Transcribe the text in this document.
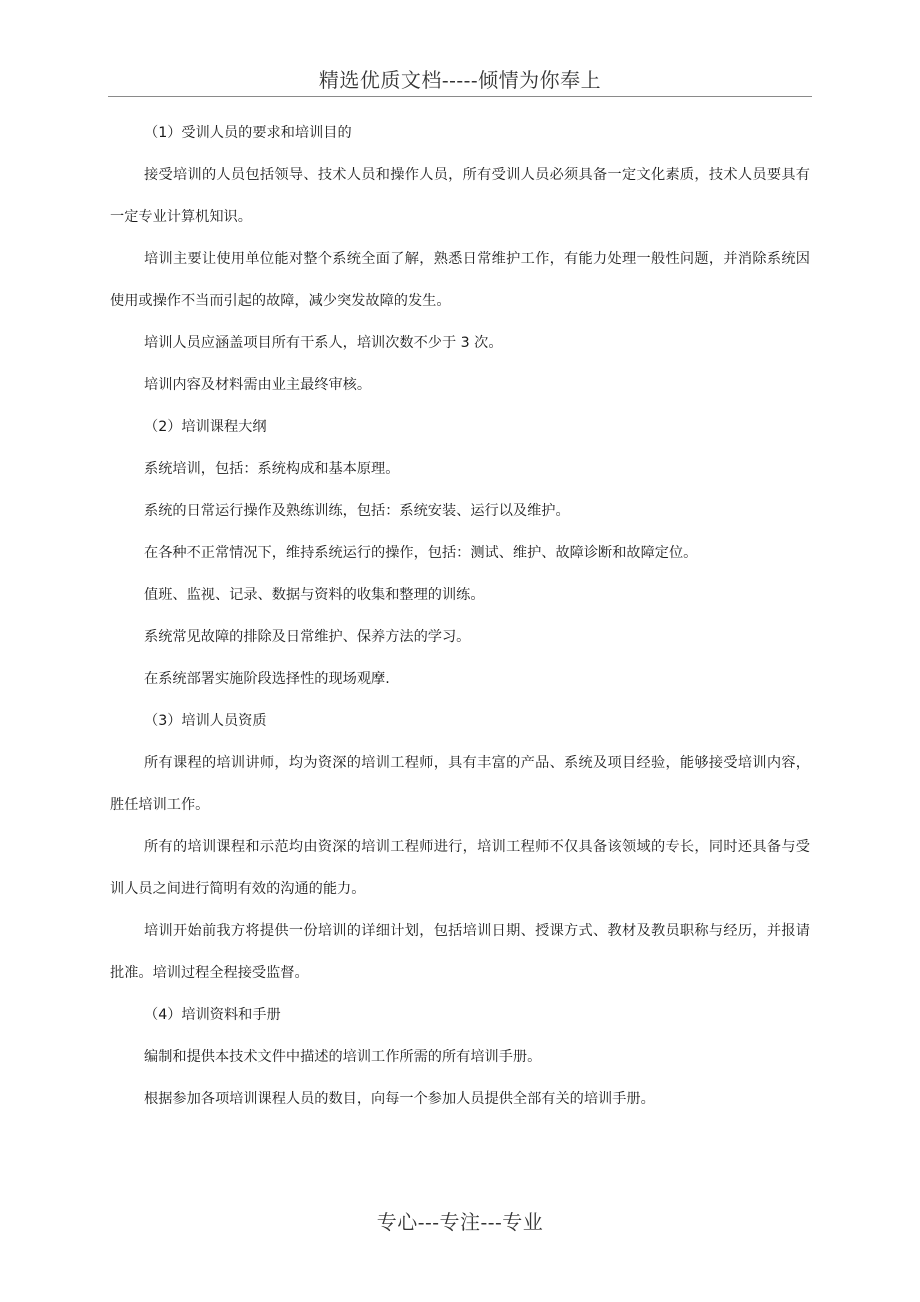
精选优质文档-----倾情为你奉上

（1）受训人员的要求和培训目的

接受培训的人员包括领导、技术人员和操作人员，所有受训人员必须具备一定文化素质，技术人员要具有一定专业计算机知识。

培训主要让使用单位能对整个系统全面了解，熟悉日常维护工作，有能力处理一般性问题，并消除系统因使用或操作不当而引起的故障，减少突发故障的发生。

培训人员应涵盖项目所有干系人，培训次数不少于 3 次。

培训内容及材料需由业主最终审核。

（2）培训课程大纲

系统培训，包括：系统构成和基本原理。

系统的日常运行操作及熟练训练，包括：系统安装、运行以及维护。

在各种不正常情况下，维持系统运行的操作，包括：测试、维护、故障诊断和故障定位。

值班、监视、记录、数据与资料的收集和整理的训练。

系统常见故障的排除及日常维护、保养方法的学习。

在系统部署实施阶段选择性的现场观摩.

（3）培训人员资质

所有课程的培训讲师，均为资深的培训工程师，具有丰富的产品、系统及项目经验，能够接受培训内容，胜任培训工作。

所有的培训课程和示范均由资深的培训工程师进行，培训工程师不仅具备该领域的专长，同时还具备与受训人员之间进行简明有效的沟通的能力。

培训开始前我方将提供一份培训的详细计划，包括培训日期、授课方式、教材及教员职称与经历，并报请批准。培训过程全程接受监督。

（4）培训资料和手册

编制和提供本技术文件中描述的培训工作所需的所有培训手册。

根据参加各项培训课程人员的数目，向每一个参加人员提供全部有关的培训手册。

专心---专注---专业
